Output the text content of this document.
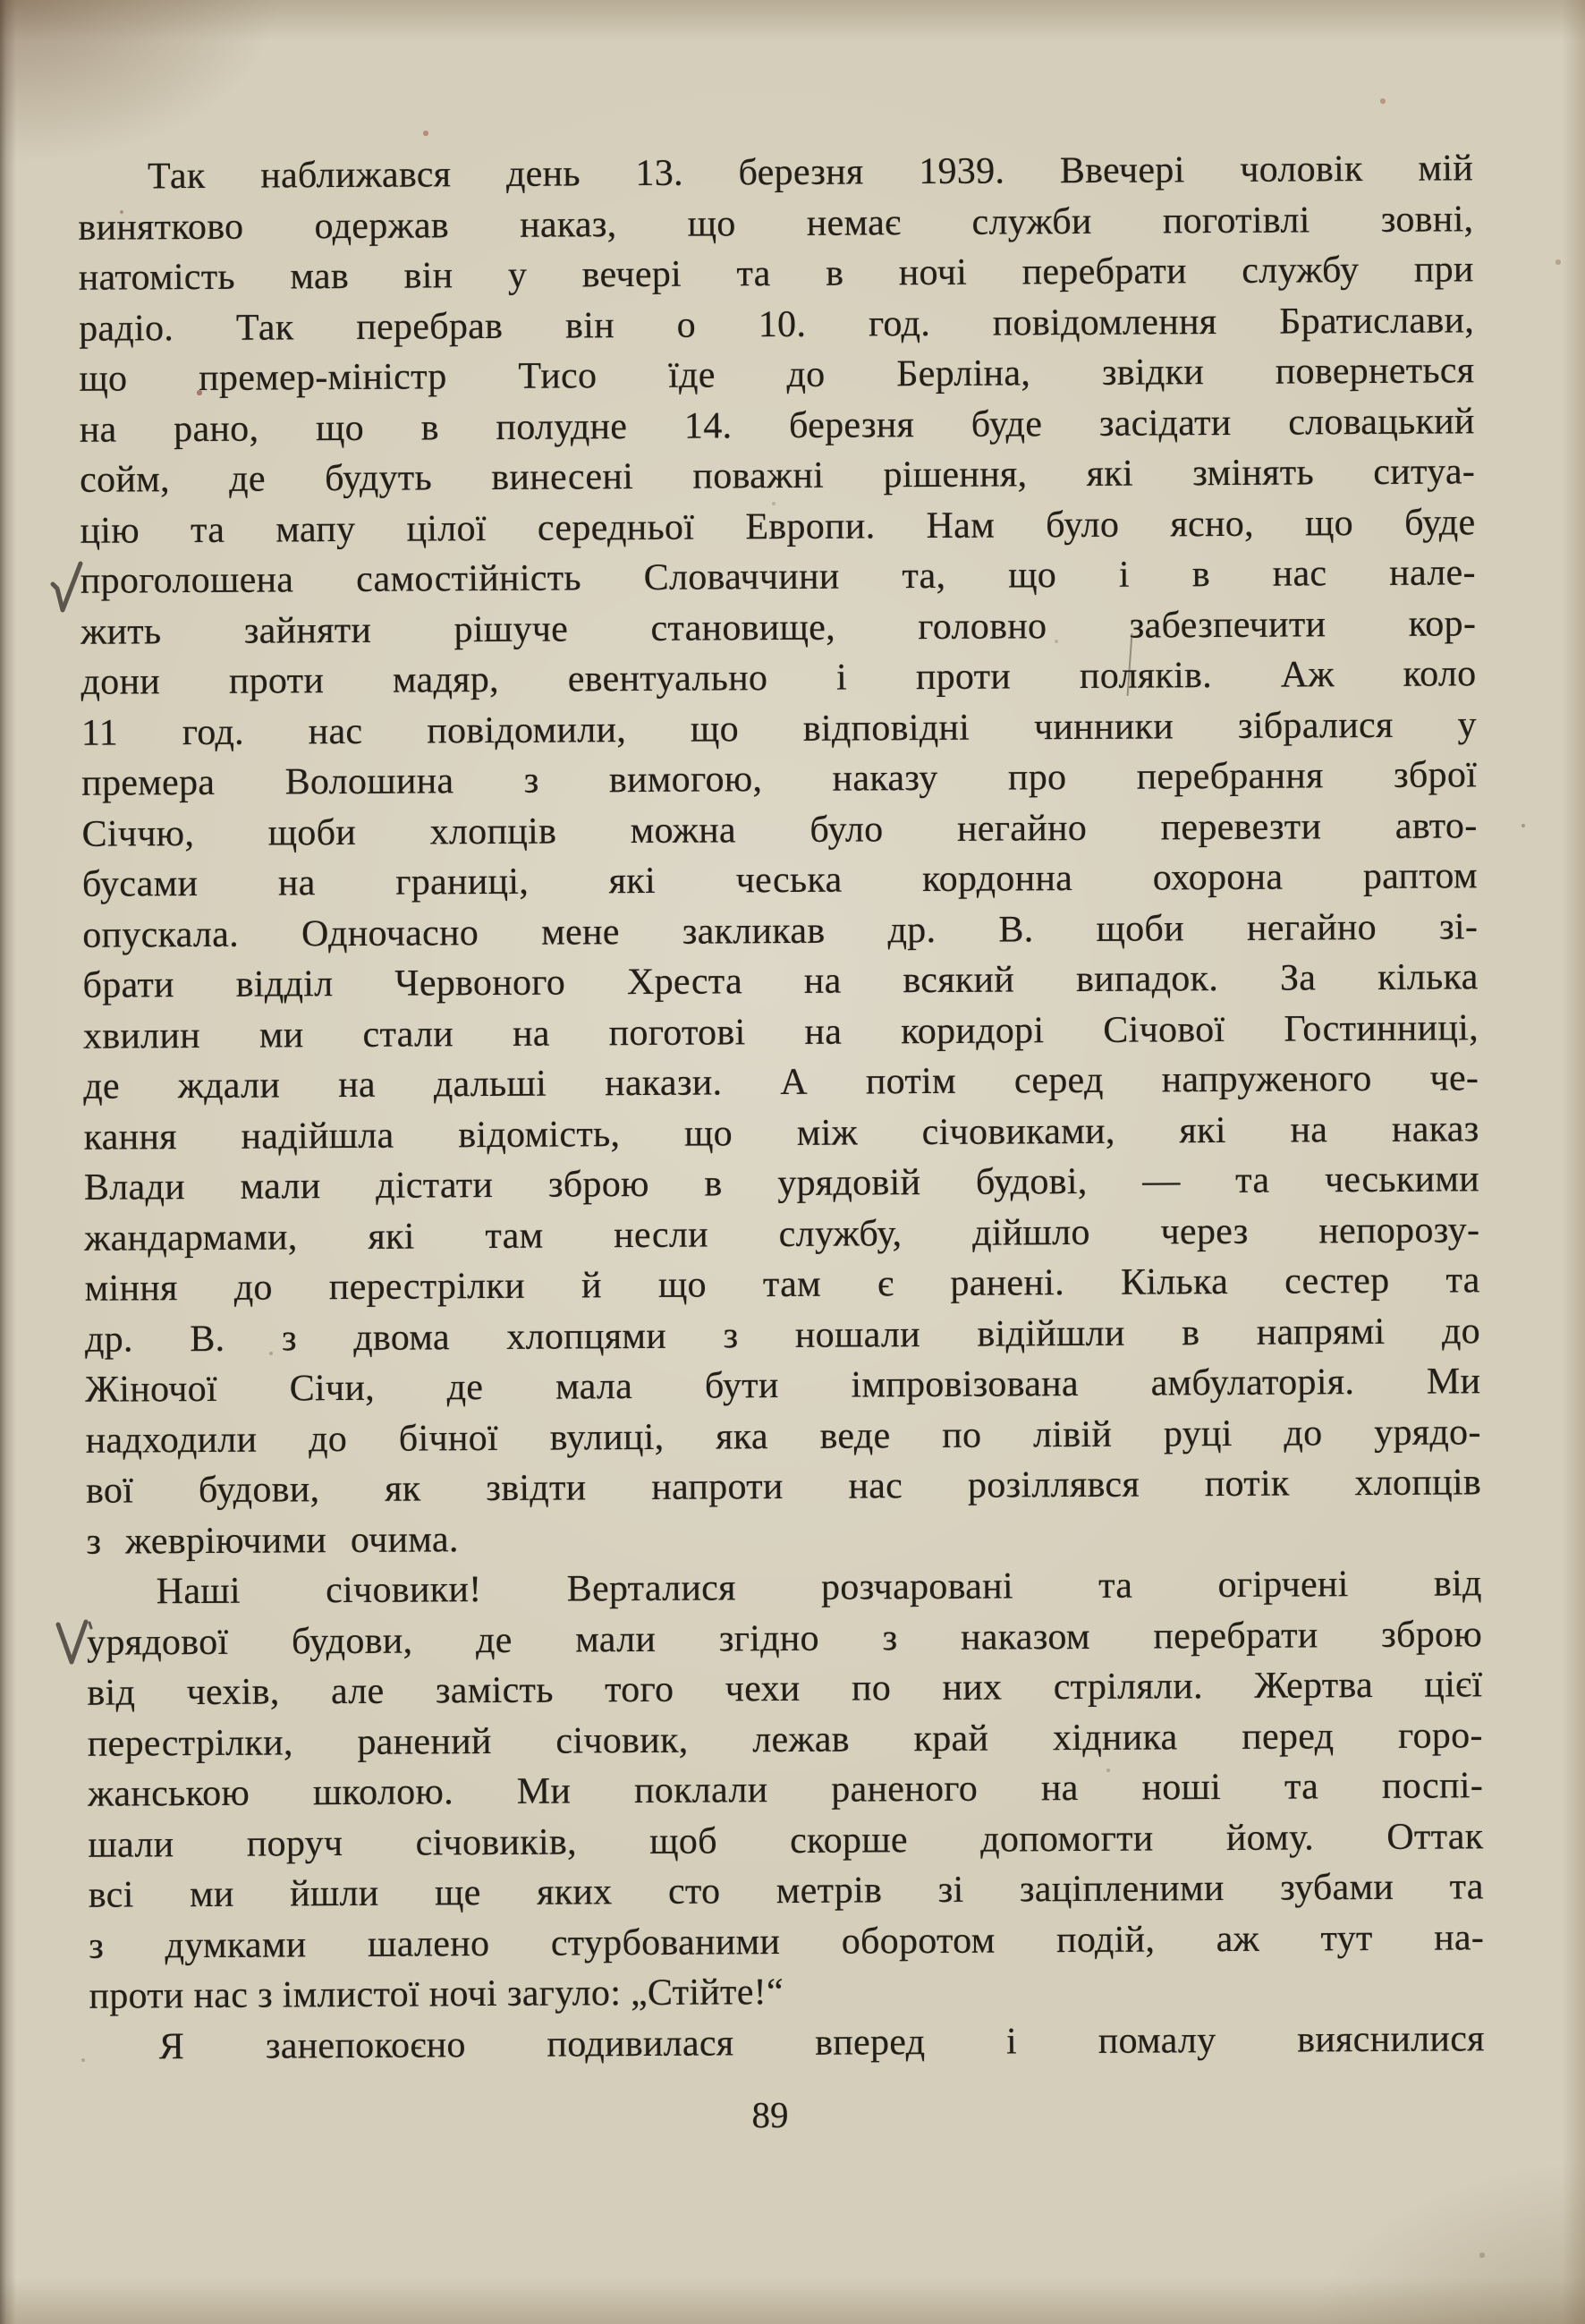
Так наближався день 13. березня 1939. Ввечері чоловік мій
винятково одержав наказ, що немає служби поготівлі зовні,
натомість мав він у вечері та в ночі перебрати службу при
радіо. Так перебрав він о 10. год. повідомлення Братислави,
що премер-міністр Тисо їде до Берліна, звідки повернеться
на рано, що в полудне 14. березня буде засідати словацький
сойм, де будуть винесені поважні рішення, які змінять ситуа-
цію та мапу цілої середньої Европи. Нам було ясно, що буде
проголошена самостійність Словаччини та, що і в нас нале-
жить зайняти рішуче становище, головно забезпечити кор-
дони проти мадяр, евентуально і проти поляків. Аж коло
11 год. нас повідомили, що відповідні чинники зібралися у
премера Волошина з вимогою, наказу про перебрання зброї
Січчю, щоби хлопців можна було негайно перевезти авто-
бусами на границі, які чеська кордонна охорона раптом
опускала. Одночасно мене закликав др. В. щоби негайно зі-
брати відділ Червоного Хреста на всякий випадок. За кілька
хвилин ми стали на поготові на коридорі Січової Гостинниці,
де ждали на дальші накази. А потім серед напруженого че-
кання надійшла відомість, що між січовиками, які на наказ
Влади мали дістати зброю в урядовій будові, — та чеськими
жандармами, які там несли службу, дійшло через непорозу-
міння до перестрілки й що там є ранені. Кілька сестер та
др. В. з двома хлопцями з ношали відійшли в напрямі до
Жіночої Січи, де мала бути імпровізована амбулаторія. Ми
надходили до бічної вулиці, яка веде по лівій руці до урядо-
вої будови, як звідти напроти нас розіллявся потік хлопців
з жевріючими очима.
Наші січовики! Верталися розчаровані та огірчені від
урядової будови, де мали згідно з наказом перебрати зброю
від чехів, але замість того чехи по них стріляли. Жертва цієї
перестрілки, ранений січовик, лежав край хідника перед горо-
жанською школою. Ми поклали раненого на ноші та поспі-
шали поруч січовиків, щоб скорше допомогти йому. Оттак
всі ми йшли ще яких сто метрів зі заціпленими зубами та
з думками шалено стурбованими оборотом подій, аж тут на-
проти нас з імлистої ночі загуло: „Стійте!“
Я занепокоєно подивилася вперед і помалу вияснилися
89
